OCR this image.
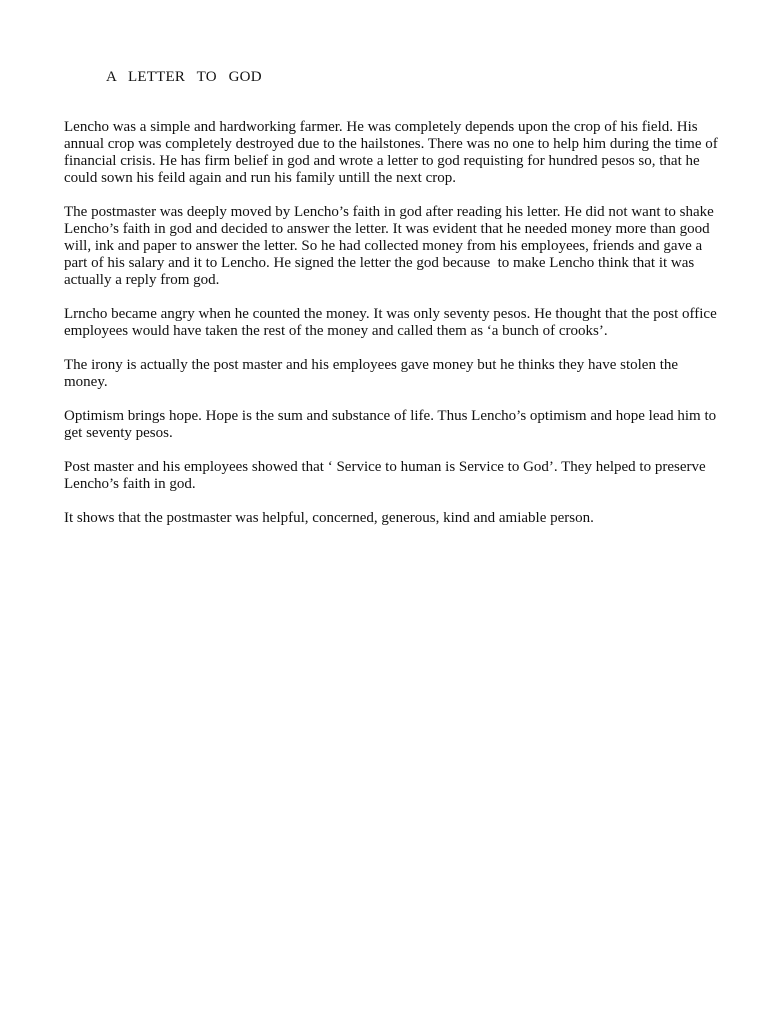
A   LETTER   TO   GOD

Lencho was a simple and hardworking farmer. He was completely depends upon the crop of his field. His
annual crop was completely destroyed due to the hailstones. There was no one to help him during the time of
financial crisis. He has firm belief in god and wrote a letter to god requisting for hundred pesos so, that he
could sown his feild again and run his family untill the next crop.

The postmaster was deeply moved by Lencho’s faith in god after reading his letter. He did not want to shake
Lencho’s faith in god and decided to answer the letter. It was evident that he needed money more than good
will, ink and paper to answer the letter. So he had collected money from his employees, friends and gave a
part of his salary and it to Lencho. He signed the letter the god because  to make Lencho think that it was
actually a reply from god.

Lrncho became angry when he counted the money. It was only seventy pesos. He thought that the post office
employees would have taken the rest of the money and called them as ‘a bunch of crooks’.

The irony is actually the post master and his employees gave money but he thinks they have stolen the
money.

Optimism brings hope. Hope is the sum and substance of life. Thus Lencho’s optimism and hope lead him to
get seventy pesos.

Post master and his employees showed that ‘ Service to human is Service to God’. They helped to preserve
Lencho’s faith in god.

It shows that the postmaster was helpful, concerned, generous, kind and amiable person.
